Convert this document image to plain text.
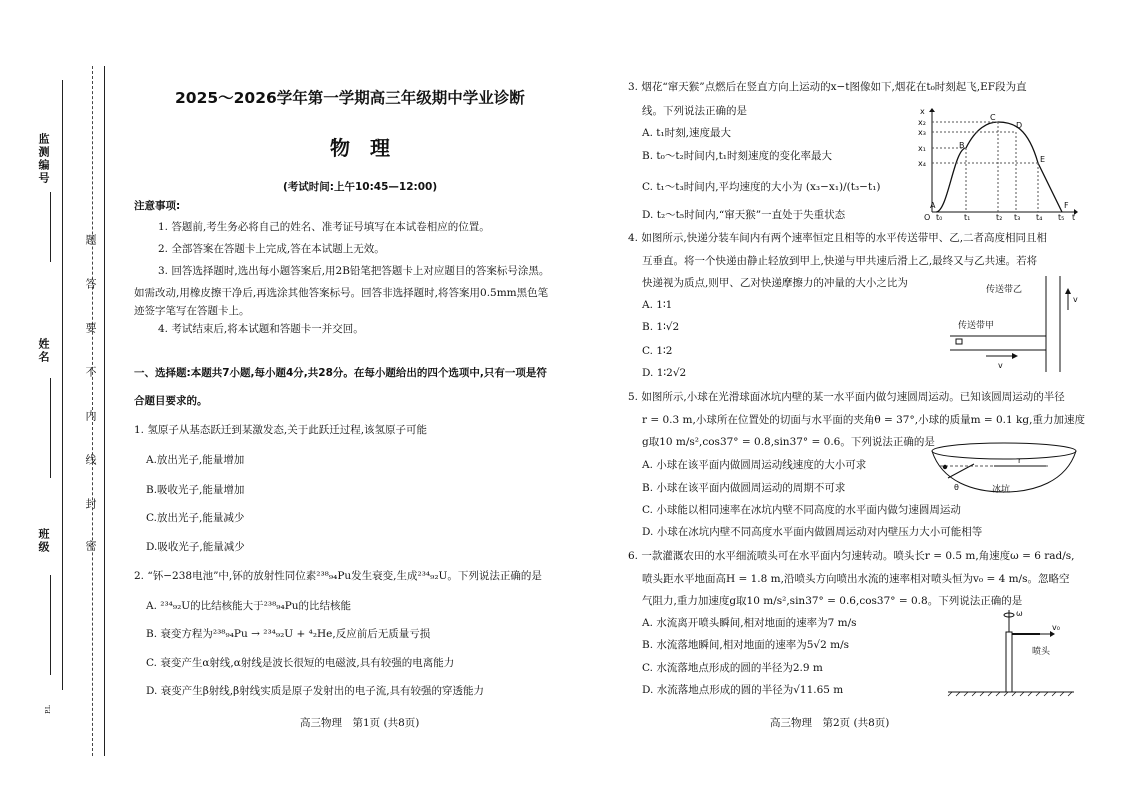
监测编号
姓名
班级
P.L
题
答
要
不
内
线
封
密
2025～2026学年第一学期高三年级期中学业诊断
物　理
(考试时间:上午10:45—12:00)
注意事项:
1. 答题前,考生务必将自己的姓名、准考证号填写在本试卷相应的位置。
2. 全部答案在答题卡上完成,答在本试题上无效。
3. 回答选择题时,选出每小题答案后,用2B铅笔把答题卡上对应题目的答案标号涂黑。
如需改动,用橡皮擦干净后,再选涂其他答案标号。回答非选择题时,将答案用0.5mm黑色笔
迹签字笔写在答题卡上。
4. 考试结束后,将本试题和答题卡一并交回。
一、选择题:本题共7小题,每小题4分,共28分。在每小题给出的四个选项中,只有一项是符
合题目要求的。
1. 氢原子从基态跃迁到某激发态,关于此跃迁过程,该氢原子可能
A.放出光子,能量增加
B.吸收光子,能量增加
C.放出光子,能量减少
D.吸收光子,能量减少
2. “钚−238电池”中,钚的放射性同位素²³⁸₉₄Pu发生衰变,生成²³⁴₉₂U。下列说法正确的是
A. ²³⁴₉₂U的比结核能大于²³⁸₉₄Pu的比结核能
B. 衰变方程为²³⁸₉₄Pu → ²³⁴₉₂U + ⁴₂He,反应前后无质量亏损
C. 衰变产生α射线,α射线是波长很短的电磁波,具有较强的电离能力
D. 衰变产生β射线,β射线实质是原子发射出的电子流,具有较强的穿透能力
高三物理　第1页 (共8页)
3. 烟花“窜天猴”点燃后在竖直方向上运动的x−t图像如下,烟花在t₀时刻起飞,EF段为直
线。下列说法正确的是
A. t₁时刻,速度最大
B. t₀～t₂时间内,t₁时刻速度的变化率最大
C. t₁～t₃时间内,平均速度的大小为 (x₃−x₁)/(t₃−t₁)
D. t₂～t₅时间内,“窜天猴”一直处于失重状态	t
x
x₂
x₃
x₁
x₄
O t₀	t₁	t₂ t₃ t₄ t₅
A
B
C
D
E
F
4. 如图所示,快递分装车间内有两个速率恒定且相等的水平传送带甲、乙,二者高度相同且相
互垂直。将一个快递由静止轻放到甲上,快递与甲共速后滑上乙,最终又与乙共速。若将
快递视为质点,则甲、乙对快递摩擦力的冲量的大小之比为
A. 1∶1
B. 1∶√2
C. 1∶2
D. 1∶2√2
传送带乙
传送带甲
v
v
5. 如图所示,小球在光滑球面冰坑内壁的某一水平面内做匀速圆周运动。已知该圆周运动的半径
r = 0.3 m,小球所在位置处的切面与水平面的夹角θ = 37°,小球的质量m = 0.1 kg,重力加速度
g取10 m/s²,cos37° = 0.8,sin37° = 0.6。下列说法正确的是
A. 小球在该平面内做圆周运动线速度的大小可求
B. 小球在该平面内做圆周运动的周期不可求
C. 小球能以相同速率在冰坑内壁不同高度的水平面内做匀速圆周运动
D. 小球在冰坑内壁不同高度水平面内做圆周运动对内壁压力大小可能相等
r
θ	冰坑
6. 一款灌溉农田的水平细流喷头可在水平面内匀速转动。喷头长r = 0.5 m,角速度ω = 6 rad/s,
喷头距水平地面高H = 1.8 m,沿喷头方向喷出水流的速率相对喷头恒为v₀ = 4 m/s。忽略空
气阻力,重力加速度g取10 m/s²,sin37° = 0.6,cos37° = 0.8。下列说法正确的是
A. 水流离开喷头瞬间,相对地面的速率为7 m/s
B. 水流落地瞬间,相对地面的速率为5√2 m/s
C. 水流落地点形成的圆的半径为2.9 m
D. 水流落地点形成的圆的半径为√11.65 m
ω
v₀
喷头
高三物理　第2页 (共8页)
